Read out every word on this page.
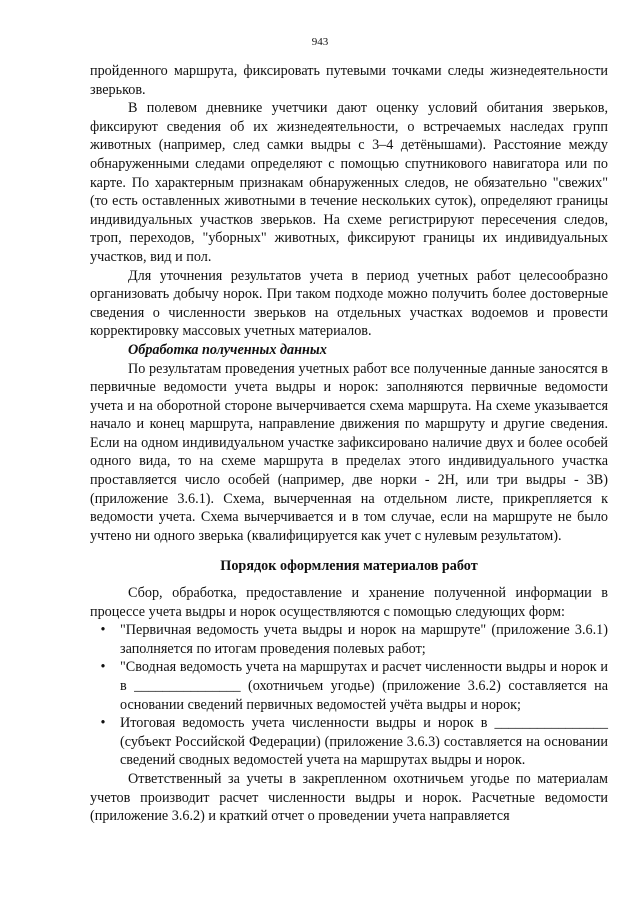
943

пройденного маршрута, фиксировать путевыми точками следы жизнедеятельности зверьков.

В полевом дневнике учетчики дают оценку условий обитания зверьков, фиксируют сведения об их жизнедеятельности, о встречаемых наследах групп животных (например, след самки выдры с 3–4 детёнышами). Расстояние между обнаруженными следами определяют с помощью спутникового навигатора или по карте. По характерным признакам обнаруженных следов, не обязательно "свежих" (то есть оставленных животными в течение нескольких суток), определяют границы индивидуальных участков зверьков. На схеме регистрируют пересечения следов, троп, переходов, "уборных" животных, фиксируют границы их индивидуальных участков, вид и пол.

Для уточнения результатов учета в период учетных работ целесообразно организовать добычу норок. При таком подходе можно получить более достоверные сведения о численности зверьков на отдельных участках водоемов и провести корректировку массовых учетных материалов.

Обработка полученных данных

По результатам проведения учетных работ все полученные данные заносятся в первичные ведомости учета выдры и норок: заполняются первичные ведомости учета и на оборотной стороне вычерчивается схема маршрута. На схеме указывается начало и конец маршрута, направление движения по маршруту и другие сведения. Если на одном индивидуальном участке зафиксировано наличие двух и более особей одного вида, то на схеме маршрута в пределах этого индивидуального участка проставляется число особей (например, две норки - 2Н, или три выдры - 3В) (приложение 3.6.1). Схема, вычерченная на отдельном листе, прикрепляется к ведомости учета. Схема вычерчивается и в том случае, если на маршруте не было учтено ни одного зверька (квалифицируется как учет с нулевым результатом).

Порядок оформления материалов работ

Сбор, обработка, предоставление и хранение полученной информации в процессе учета выдры и норок осуществляются с помощью следующих форм:

•	"Первичная ведомость учета выдры и норок на маршруте" (приложение 3.6.1) заполняется по итогам проведения полевых работ;
•	"Сводная ведомость учета на маршрутах и расчет численности выдры и норок и в _______________ (охотничьем угодье) (приложение 3.6.2) составляется на основании сведений первичных ведомостей учёта выдры и норок;
•	Итоговая ведомость учета численности выдры и норок в ________________ (субъект Российской Федерации) (приложение 3.6.3) составляется на основании сведений сводных ведомостей учета на маршрутах выдры и норок.

Ответственный за учеты в закрепленном охотничьем угодье по материалам учетов производит расчет численности выдры и норок. Расчетные ведомости (приложение 3.6.2) и краткий отчет о проведении учета направляется
